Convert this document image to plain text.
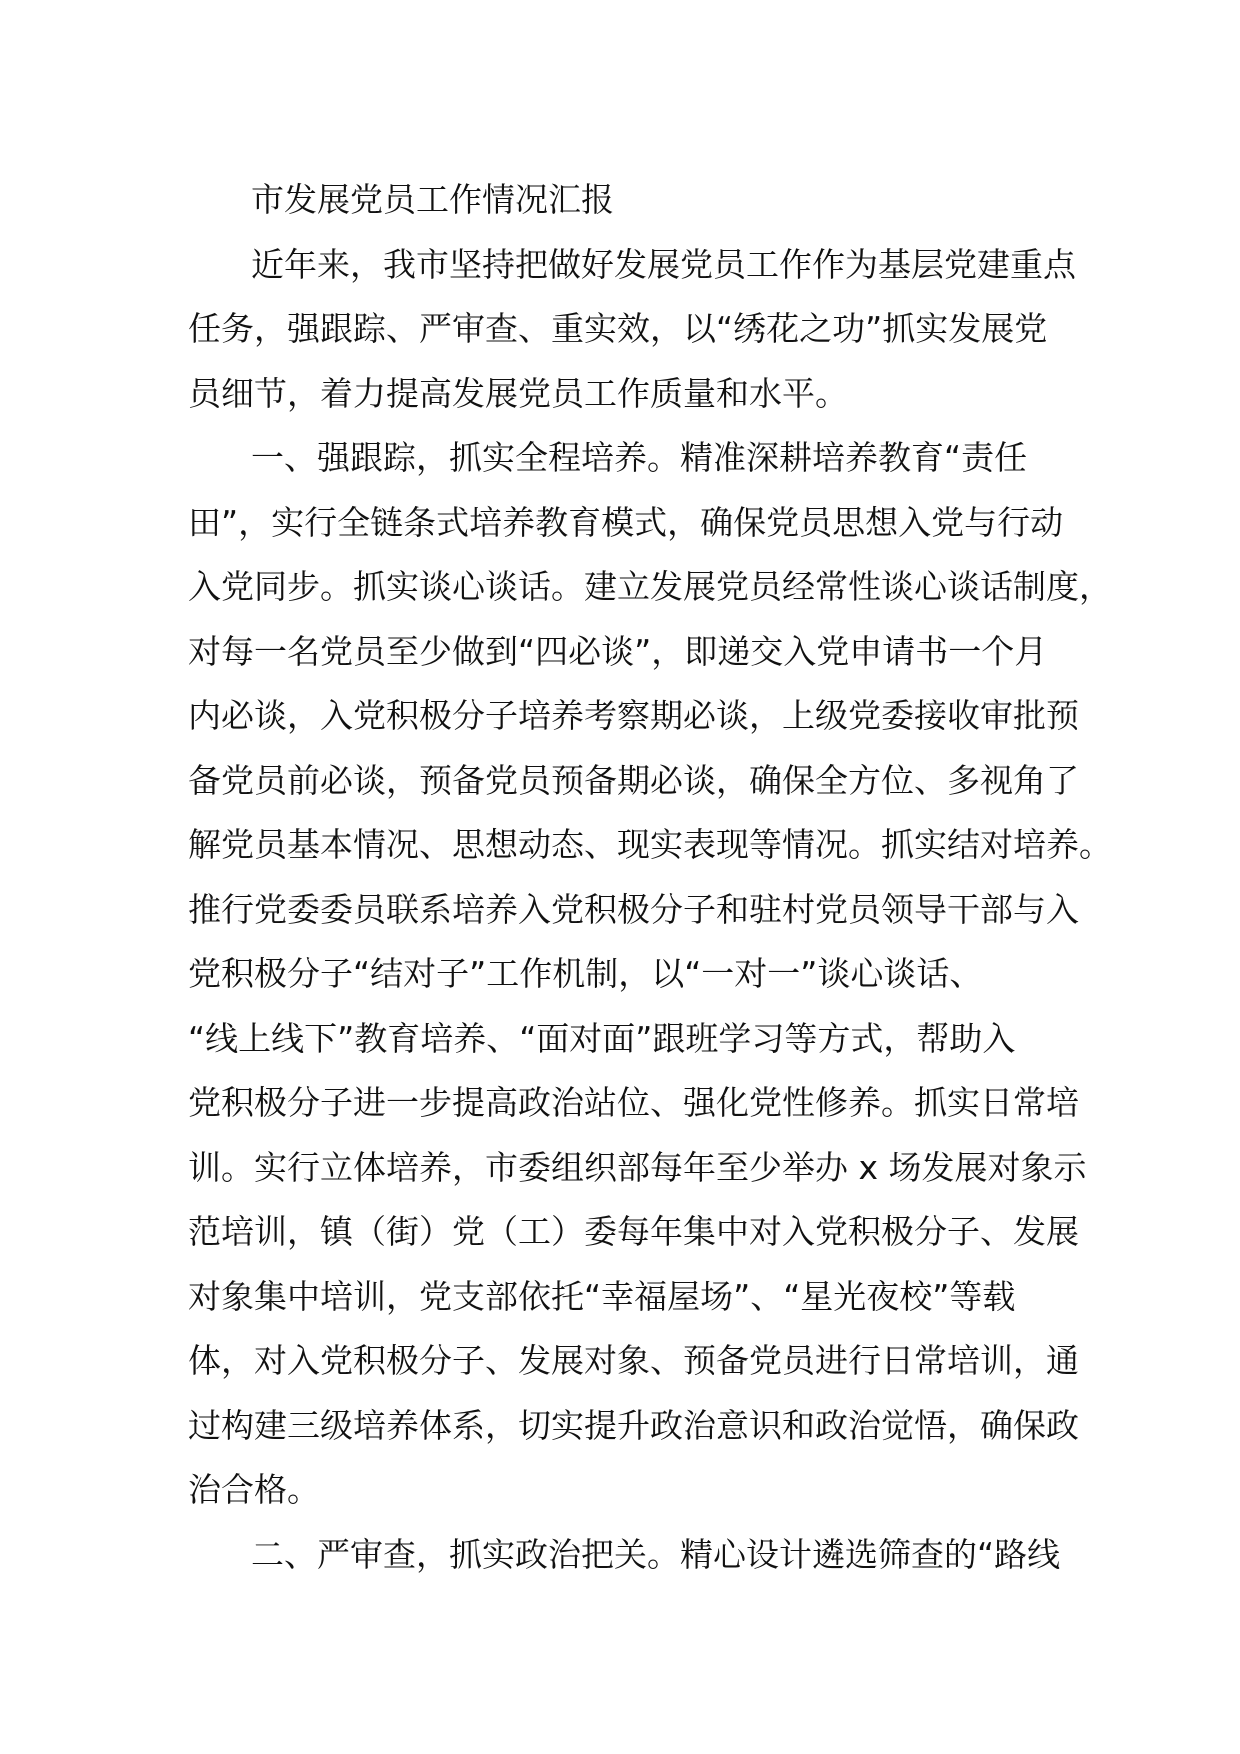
市发展党员工作情况汇报
近年来，我市坚持把做好发展党员工作作为基层党建重点
任务，强跟踪、严审查、重实效，以“绣花之功”抓实发展党
员细节，着力提高发展党员工作质量和水平。
一、强跟踪，抓实全程培养。精准深耕培养教育“责任
田”，实行全链条式培养教育模式，确保党员思想入党与行动
入党同步。抓实谈心谈话。建立发展党员经常性谈心谈话制度，
对每一名党员至少做到“四必谈”，即递交入党申请书一个月
内必谈，入党积极分子培养考察期必谈，上级党委接收审批预
备党员前必谈，预备党员预备期必谈，确保全方位、多视角了
解党员基本情况、思想动态、现实表现等情况。抓实结对培养。
推行党委委员联系培养入党积极分子和驻村党员领导干部与入
党积极分子“结对子”工作机制，以“一对一”谈心谈话、
“线上线下”教育培养、“面对面”跟班学习等方式，帮助入
党积极分子进一步提高政治站位、强化党性修养。抓实日常培
训。实行立体培养，市委组织部每年至少举办 x 场发展对象示
范培训，镇（街）党（工）委每年集中对入党积极分子、发展
对象集中培训，党支部依托“幸福屋场”、“星光夜校”等载
体，对入党积极分子、发展对象、预备党员进行日常培训，通
过构建三级培养体系，切实提升政治意识和政治觉悟，确保政
治合格。
二、严审查，抓实政治把关。精心设计遴选筛查的“路线
